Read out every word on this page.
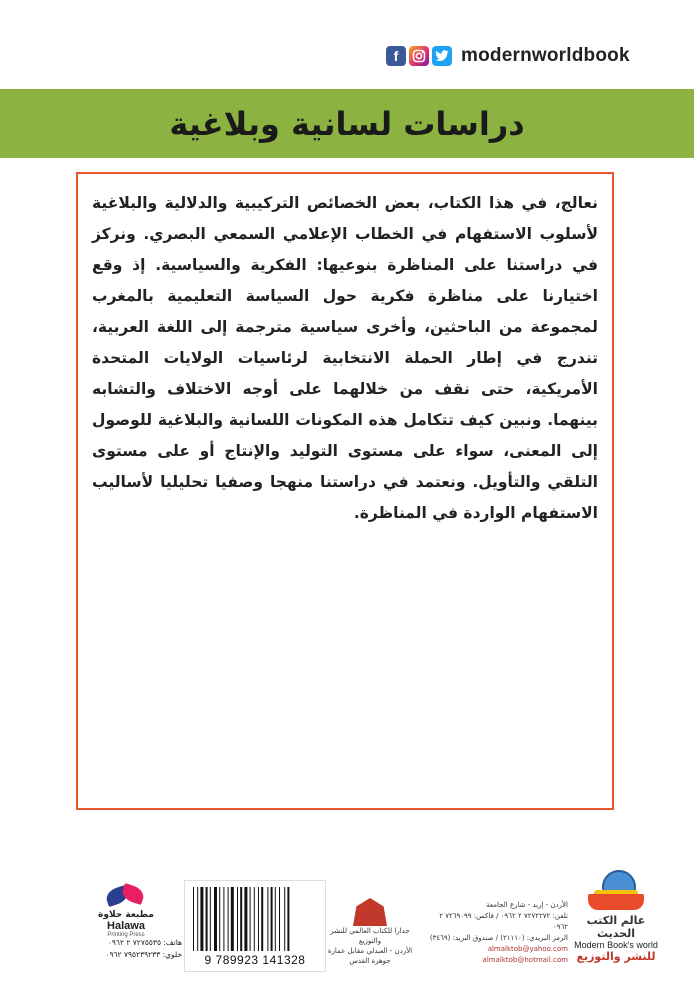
f	modernworldbook
دراسات لسانية وبلاغية
نعالج، في هذا الكتاب، بعض الخصائص التركيبية والدلالية والبلاغية لأسلوب الاستفهام في الخطاب الإعلامي السمعي البصري. ونركز في دراستنا على المناظرة بنوعيها: الفكرية والسياسية. إذ وقع اختيارنا على مناظرة فكرية حول السياسة التعليمية بالمغرب لمجموعة من الباحثين، وأخرى سياسية مترجمة إلى اللغة العربية، تندرج في إطار الحملة الانتخابية لرئاسيات الولايات المتحدة الأمريكية، حتى نقف من خلالهما على أوجه الاختلاف والتشابه بينهما. ونبين كيف تتكامل هذه المكونات اللسانية والبلاغية للوصول إلى المعنى، سواء على مستوى التوليد والإنتاج أو على مستوى التلقي والتأويل. ونعتمد في دراستنا منهجا وصفيا تحليليا لأساليب الاستفهام الواردة في المناظرة.
عالم الكتب الحديث
Modern Book's world
للنشر والتوزيع
الأردن - إربد - شارع الجامعة
تلفن: ٧٢٧٢٢٧٢ ٢ ٠٩٦٢ / فاكس: ٧٢٦٩٠٩٩ ٢ ٠٩٦٢
الرمز البريدي: (٢١١١٠) / صندوق البريد: (٣٤٦٩)
almalktob@yahoo.com
almalktob@hotmail.com
جدارا للكتاب العالمي للنشر والتوزيع
الأردن - العبدلي مقابل عمارة جوهرة القدس
9 789923 141328
مطبعة حلاوة
Halawa
Printing Press
هاتف: ٧٢٧٥٥٣٥ ٢ ٠٩٦٢
خلوي: ٧٩٥٢٣٩٢٣٣ ٠٩٦٢
